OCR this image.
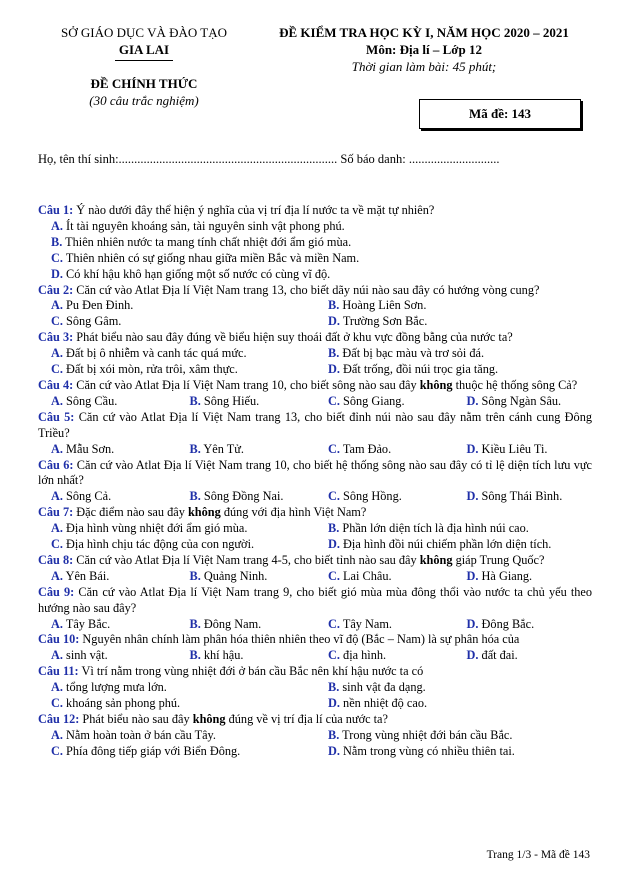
SỞ GIÁO DỤC VÀ ĐÀO TẠO
GIA LAI
ĐỀ CHÍNH THỨC
(30 câu trắc nghiệm)
ĐỀ KIỂM TRA HỌC KỲ I, NĂM HỌC 2020 – 2021
Môn: Địa lí – Lớp 12
Thời gian làm bài: 45 phút;
Mã đề: 143
Họ, tên thí sinh:...................................................................... Số báo danh: .............................
Câu 1: Ý nào dưới đây thể hiện ý nghĩa của vị trí địa lí nước ta về mặt tự nhiên?
A. Ít tài nguyên khoáng sản, tài nguyên sinh vật phong phú.
B. Thiên nhiên nước ta mang tính chất nhiệt đới ẩm gió mùa.
C. Thiên nhiên có sự giống nhau giữa miền Bắc và miền Nam.
D. Có khí hậu khô hạn giống một số nước có cùng vĩ độ.
Câu 2: Căn cứ vào Atlat Địa lí Việt Nam trang 13, cho biết dãy núi nào sau đây có hướng vòng cung?
A. Pu Đen Đinh.	B. Hoàng Liên Sơn.
C. Sông Gâm.	D. Trường Sơn Bắc.
Câu 3: Phát biểu nào sau đây đúng về biểu hiện suy thoái đất ở khu vực đồng bằng của nước ta?
A. Đất bị ô nhiễm và canh tác quá mức.	B. Đất bị bạc màu và trơ sỏi đá.
C. Đất bị xói mòn, rửa trôi, xâm thực.	D. Đất trống, đồi núi trọc gia tăng.
Câu 4: Căn cứ vào Atlat Địa lí Việt Nam trang 10, cho biết sông nào sau đây không thuộc hệ thống sông Cả?
A. Sông Cầu.	B. Sông Hiếu.	C. Sông Giang.	D. Sông Ngàn Sâu.
Câu 5: Căn cứ vào Atlat Địa lí Việt Nam trang 13, cho biết đỉnh núi nào sau đây nằm trên cánh cung Đông Triều?
A. Mẫu Sơn.	B. Yên Tử.	C. Tam Đảo.	D. Kiều Liêu Ti.
Câu 6: Căn cứ vào Atlat Địa lí Việt Nam trang 10, cho biết hệ thống sông nào sau đây có tỉ lệ diện tích lưu vực lớn nhất?
A. Sông Cả.	B. Sông Đồng Nai.	C. Sông Hồng.	D. Sông Thái Bình.
Câu 7: Đặc điểm nào sau đây không đúng với địa hình Việt Nam?
A. Địa hình vùng nhiệt đới ẩm gió mùa.	B. Phần lớn diện tích là địa hình núi cao.
C. Địa hình chịu tác động của con người.	D. Địa hình đồi núi chiếm phần lớn diện tích.
Câu 8: Căn cứ vào Atlat Địa lí Việt Nam trang 4-5, cho biết tỉnh nào sau đây không giáp Trung Quốc?
A. Yên Bái.	B. Quảng Ninh.	C. Lai Châu.	D. Hà Giang.
Câu 9: Căn cứ vào Atlat Địa lí Việt Nam trang 9, cho biết gió mùa mùa đông thổi vào nước ta chủ yếu theo hướng nào sau đây?
A. Tây Bắc.	B. Đông Nam.	C. Tây Nam.	D. Đông Bắc.
Câu 10: Nguyên nhân chính làm phân hóa thiên nhiên theo vĩ độ (Bắc – Nam) là sự phân hóa của
A. sinh vật.	B. khí hậu.	C. địa hình.	D. đất đai.
Câu 11: Vì trí nằm trong vùng nhiệt đới ở bán cầu Bắc nên khí hậu nước ta có
A. tổng lượng mưa lớn.	B. sinh vật đa dạng.
C. khoáng sản phong phú.	D. nền nhiệt độ cao.
Câu 12: Phát biểu nào sau đây không đúng về vị trí địa lí của nước ta?
A. Nằm hoàn toàn ở bán cầu Tây.	B. Trong vùng nhiệt đới bán cầu Bắc.
C. Phía đông tiếp giáp với Biển Đông.	D. Nằm trong vùng có nhiều thiên tai.
Trang 1/3 - Mã đề 143
